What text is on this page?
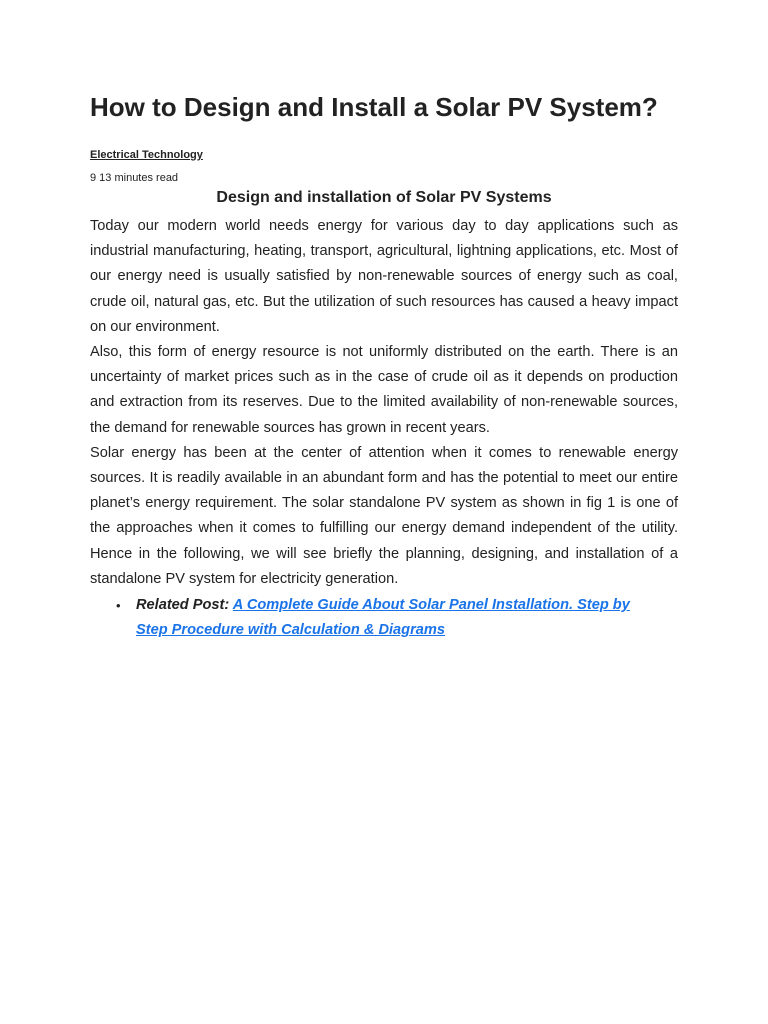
How to Design and Install a Solar PV System?
Electrical Technology
9 13 minutes read
Design and installation of Solar PV Systems

Today our modern world needs energy for various day to day applications such as industrial manufacturing, heating, transport, agricultural, lightning applications, etc. Most of our energy need is usually satisfied by non-renewable sources of energy such as coal, crude oil, natural gas, etc. But the utilization of such resources has caused a heavy impact on our environment.

Also, this form of energy resource is not uniformly distributed on the earth. There is an uncertainty of market prices such as in the case of crude oil as it depends on production and extraction from its reserves. Due to the limited availability of non-renewable sources, the demand for renewable sources has grown in recent years.

Solar energy has been at the center of attention when it comes to renewable energy sources. It is readily available in an abundant form and has the potential to meet our entire planet’s energy requirement. The solar standalone PV system as shown in fig 1 is one of the approaches when it comes to fulfilling our energy demand independent of the utility. Hence in the following, we will see briefly the planning, designing, and installation of a standalone PV system for electricity generation.

• Related Post: A Complete Guide About Solar Panel Installation. Step by Step Procedure with Calculation & Diagrams
